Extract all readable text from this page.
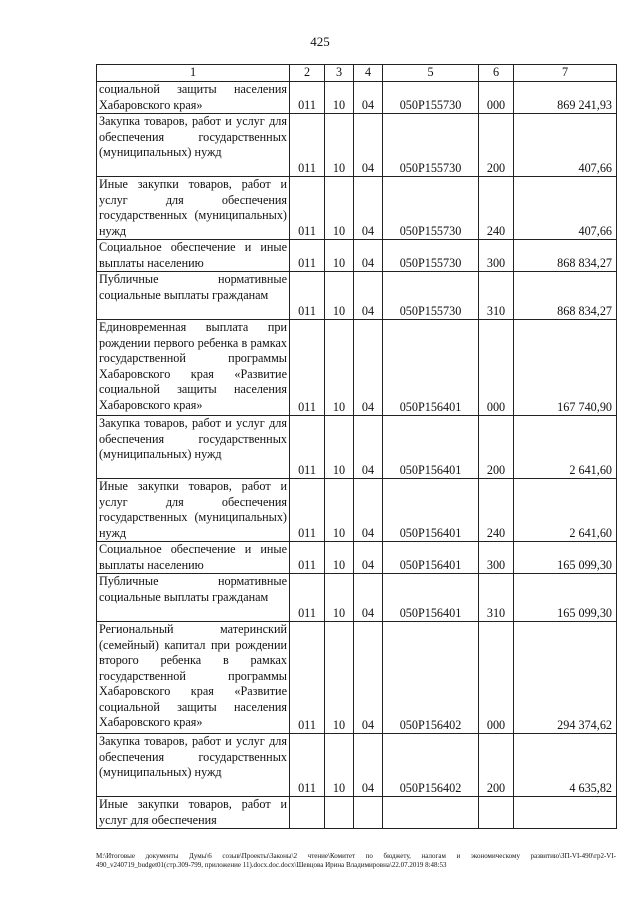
425
1	2	3	4	5	6	7
социальной защиты населения Хабаровского края»	011	10	04	050P155730	000	869 241,93
Закупка товаров, работ и услуг для обеспечения государственных (муниципальных) нужд	011	10	04	050P155730	200	407,66
Иные закупки товаров, работ и услуг для обеспечения государственных (муниципальных) нужд	011	10	04	050P155730	240	407,66
Социальное обеспечение и иные выплаты населению	011	10	04	050P155730	300	868 834,27
Публичные нормативные социальные выплаты гражданам	011	10	04	050P155730	310	868 834,27
Единовременная выплата при рождении первого ребенка в рамках государственной программы Хабаровского края «Развитие социальной защиты населения Хабаровского края»	011	10	04	050P156401	000	167 740,90
Закупка товаров, работ и услуг для обеспечения государственных (муниципальных) нужд	011	10	04	050P156401	200	2 641,60
Иные закупки товаров, работ и услуг для обеспечения государственных (муниципальных) нужд	011	10	04	050P156401	240	2 641,60
Социальное обеспечение и иные выплаты населению	011	10	04	050P156401	300	165 099,30
Публичные нормативные социальные выплаты гражданам	011	10	04	050P156401	310	165 099,30
Региональный материнский (семейный) капитал при рождении второго ребенка в рамках государственной программы Хабаровского края «Развитие социальной защиты населения Хабаровского края»	011	10	04	050P156402	000	294 374,62
Закупка товаров, работ и услуг для обеспечения государственных (муниципальных) нужд	011	10	04	050P156402	200	4 635,82
Иные закупки товаров, работ и услуг для обеспечения						
M:\Итоговые документы Думы\6 созыв\Проекты\Законы\2 чтение\Комитет по бюджету, налогам и экономическому развитию\ЗП-VI-490\гр2-VI-490_v240719_budget01(стр.309-799, приложение 11).docx.doc.docx\Шевцова Ирина Владимировна\22.07.2019 8:48:53
